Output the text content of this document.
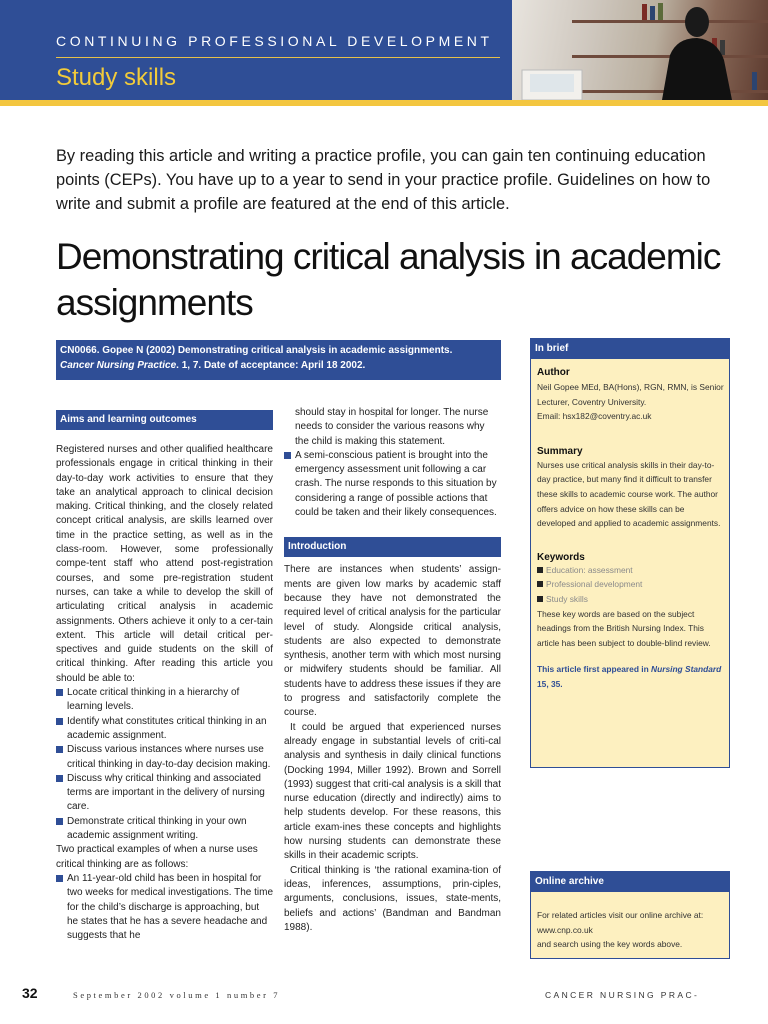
CONTINUING PROFESSIONAL DEVELOPMENT
Study skills
By reading this article and writing a practice profile, you can gain ten continuing education points (CEPs). You have up to a year to send in your practice profile. Guidelines on how to write and submit a profile are featured at the end of this article.
Demonstrating critical analysis in academic
assignments
CN0066. Gopee N (2002) Demonstrating critical analysis in academic assignments.
Cancer Nursing Practice. 1, 7. Date of acceptance: April 18 2002.
Aims and learning outcomes
Registered nurses and other qualified healthcare professionals engage in critical thinking in their day-to-day work activities to ensure that they take an analytical approach to clinical decision making. Critical thinking, and the closely related concept critical analysis, are skills learned over time in the practice setting, as well as in the class-room. However, some professionally compe-tent staff who attend post-registration courses, and some pre-registration student nurses, can take a while to develop the skill of articulating critical analysis in academic assignments. Others achieve it only to a cer-tain extent. This article will detail critical per-spectives and guide students on the skill of critical thinking. After reading this article you should be able to:
Locate critical thinking in a hierarchy of learning levels.
Identify what constitutes critical thinking in an academic assignment.
Discuss various instances where nurses use critical thinking in day-to-day decision making.
Discuss why critical thinking and associated terms are important in the delivery of nursing care.
Demonstrate critical thinking in your own academic assignment writing.
Two practical examples of when a nurse uses critical thinking are as follows:
An 11-year-old child has been in hospital for two weeks for medical investigations. The time for the child’s discharge is approaching, but he states that he has a severe headache and suggests that he
should stay in hospital for longer. The nurse needs to consider the various reasons why the child is making this statement.
A semi-conscious patient is brought into the emergency assessment unit following a car crash. The nurse responds to this situation by considering a range of possible actions that could be taken and their likely consequences.
Introduction
There are instances when students’ assign-ments are given low marks by academic staff because they have not demonstrated the required level of critical analysis for the particular level of study. Alongside critical analysis, students are also expected to demonstrate synthesis, another term with which most nursing or midwifery students should be familiar. All students have to address these issues if they are to progress and satisfactorily complete the course.
It could be argued that experienced nurses already engage in substantial levels of criti-cal analysis and synthesis in daily clinical functions (Docking 1994, Miller 1992). Brown and Sorrell (1993) suggest that criti-cal analysis is a skill that nurse education (directly and indirectly) aims to help students develop. For these reasons, this article exam-ines these concepts and highlights how nursing students can demonstrate these skills in their academic scripts.
Critical thinking is ‘the rational examina-tion of ideas, inferences, assumptions, prin-ciples, arguments, conclusions, issues, state-ments, beliefs and actions’ (Bandman and Bandman 1988).
In brief
Author
Neil Gopee MEd, BA(Hons), RGN, RMN, is Senior Lecturer, Coventry University.
Email: hsx182@coventry.ac.uk
Summary
Nurses use critical analysis skills in their day-to-day practice, but many find it difficult to transfer these skills to academic course work. The author offers advice on how these skills can be developed and applied to academic assignments.
Keywords
Education: assessment
Professional development
Study skills
These key words are based on the subject headings from the British Nursing Index. This article has been subject to double-blind review.
This article first appeared in Nursing Standard 15, 35.
Online archive
For related articles visit our online archive at:
www.cnp.co.uk
and search using the key words above.
32	September 2002 volume 1 number 7	CANCER NURSING PRAC-
